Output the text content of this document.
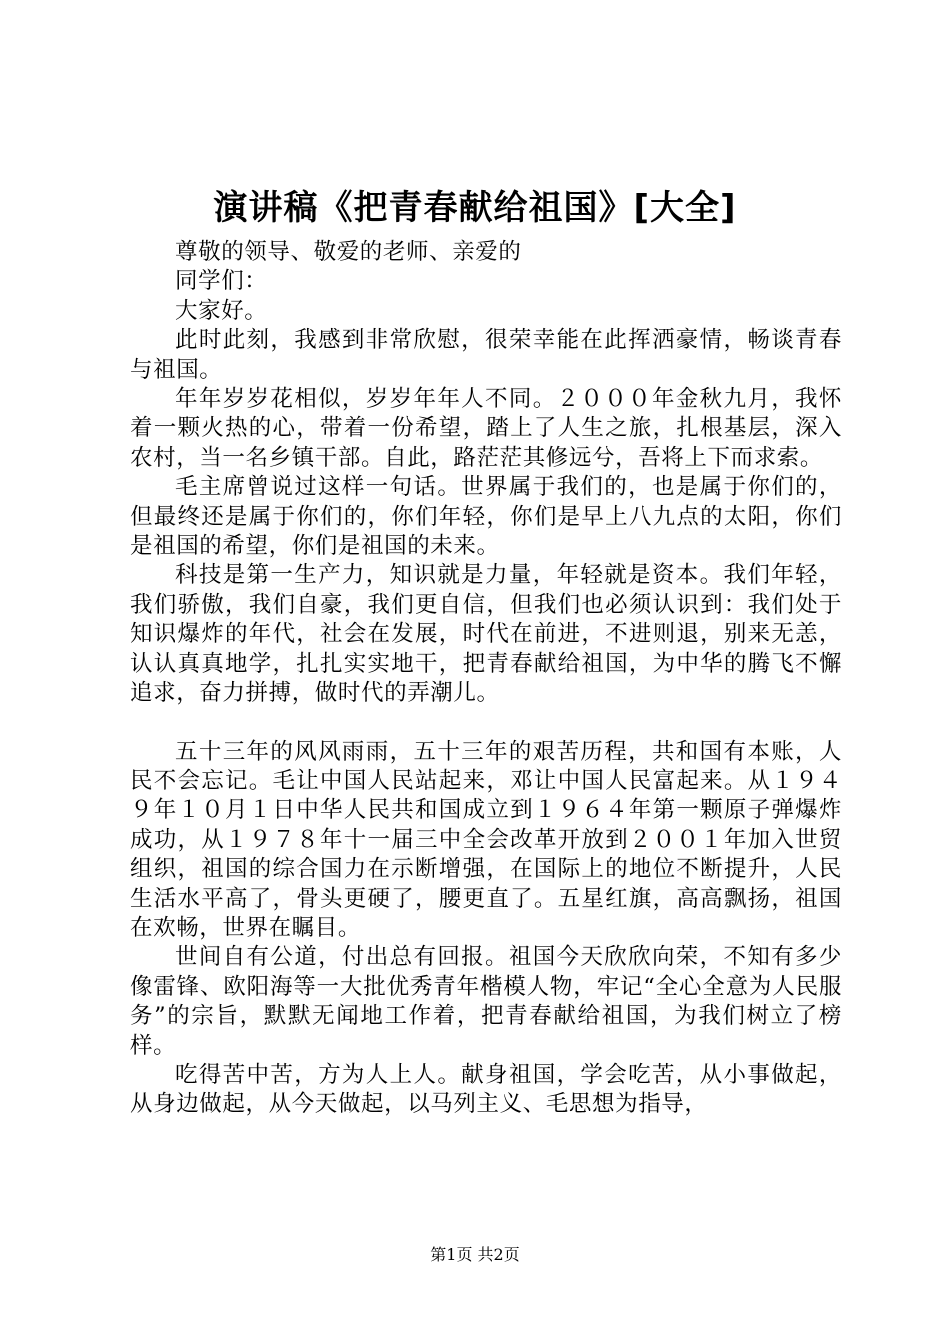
演讲稿《把青春献给祖国》[大全]

尊敬的领导、敬爱的老师、亲爱的

同学们：

大家好。

此时此刻，我感到非常欣慰，很荣幸能在此挥洒豪情，畅谈青春与祖国。

年年岁岁花相似，岁岁年年人不同。２０００年金秋九月，我怀着一颗火热的心，带着一份希望，踏上了人生之旅，扎根基层，深入农村，当一名乡镇干部。自此，路茫茫其修远兮，吾将上下而求索。

毛主席曾说过这样一句话。世界属于我们的，也是属于你们的，但最终还是属于你们的，你们年轻，你们是早上八九点的太阳，你们是祖国的希望，你们是祖国的未来。

科技是第一生产力，知识就是力量，年轻就是资本。我们年轻，我们骄傲，我们自豪，我们更自信，但我们也必须认识到：我们处于知识爆炸的年代，社会在发展，时代在前进，不进则退，别来无恙，认认真真地学，扎扎实实地干，把青春献给祖国，为中华的腾飞不懈追求，奋力拼搏，做时代的弄潮儿。

五十三年的风风雨雨，五十三年的艰苦历程，共和国有本账，人民不会忘记。毛让中国人民站起来，邓让中国人民富起来。从１９４９年１０月１日中华人民共和国成立到１９６４年第一颗原子弹爆炸成功，从１９７８年十一届三中全会改革开放到２００１年加入世贸组织，祖国的综合国力在示断增强，在国际上的地位不断提升，人民生活水平高了，骨头更硬了，腰更直了。五星红旗，高高飘扬，祖国在欢畅，世界在瞩目。

世间自有公道，付出总有回报。祖国今天欣欣向荣，不知有多少像雷锋、欧阳海等一大批优秀青年楷模人物，牢记“全心全意为人民服务”的宗旨，默默无闻地工作着，把青春献给祖国，为我们树立了榜样。

吃得苦中苦，方为人上人。献身祖国，学会吃苦，从小事做起，从身边做起，从今天做起，以马列主义、毛思想为指导，

第1页 共2页
